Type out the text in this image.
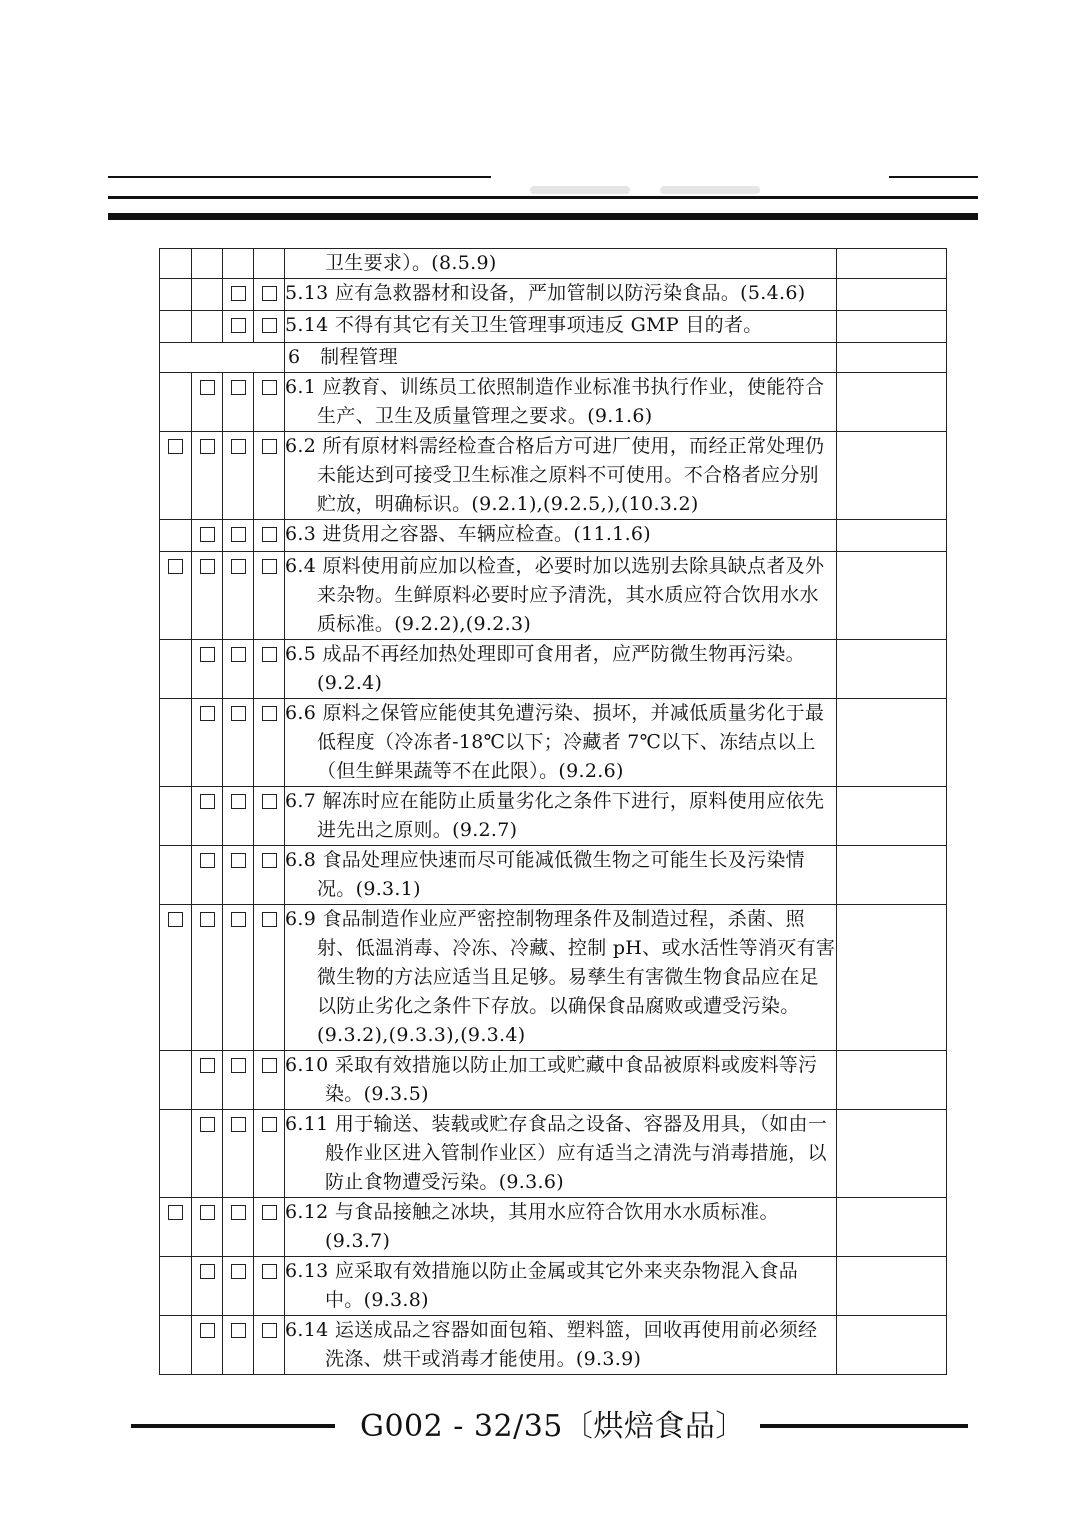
				卫生要求）。(8.5.9)	

				5.13 应有急救器材和设备，严加管制以防污染食品。(5.4.6)	

				5.14 不得有其它有关卫生管理事项违反 GMP 目的者。	

				6　制程管理	

				6.1 应教育、训练员工依照制造作业标准书执行作业，使能符合生产、卫生及质量管理之要求。(9.1.6)	

				6.2 所有原材料需经检查合格后方可进厂使用，而经正常处理仍未能达到可接受卫生标准之原料不可使用。不合格者应分别贮放，明确标识。(9.2.1),(9.2.5,),(10.3.2)	

				6.3 进货用之容器、车辆应检查。(11.1.6)	

				6.4 原料使用前应加以检查，必要时加以选别去除具缺点者及外来杂物。生鲜原料必要时应予清洗，其水质应符合饮用水水质标准。(9.2.2),(9.2.3)	

				6.5 成品不再经加热处理即可食用者，应严防微生物再污染。(9.2.4)	

				6.6 原料之保管应能使其免遭污染、损坏，并减低质量劣化于最低程度（冷冻者-18℃以下；冷藏者 7℃以下、冻结点以上（但生鲜果蔬等不在此限）。(9.2.6)	

				6.7 解冻时应在能防止质量劣化之条件下进行，原料使用应依先进先出之原则。(9.2.7)	

				6.8 食品处理应快速而尽可能减低微生物之可能生长及污染情况。(9.3.1)	

				6.9 食品制造作业应严密控制物理条件及制造过程，杀菌、照射、低温消毒、冷冻、冷藏、控制 pH、或水活性等消灭有害微生物的方法应适当且足够。易孳生有害微生物食品应在足以防止劣化之条件下存放。以确保食品腐败或遭受污染。(9.3.2),(9.3.3),(9.3.4)	

				6.10 采取有效措施以防止加工或贮藏中食品被原料或废料等污染。(9.3.5)	

				6.11 用于输送、装载或贮存食品之设备、容器及用具，（如由一般作业区进入管制作业区）应有适当之清洗与消毒措施，以防止食物遭受污染。(9.3.6)	

				6.12 与食品接触之冰块，其用水应符合饮用水水质标准。(9.3.7)	

				6.13 应采取有效措施以防止金属或其它外来夹杂物混入食品中。(9.3.8)	

				6.14 运送成品之容器如面包箱、塑料篮，回收再使用前必须经洗涤、烘干或消毒才能使用。(9.3.9)	

G002 - 32/35〔烘焙食品〕
